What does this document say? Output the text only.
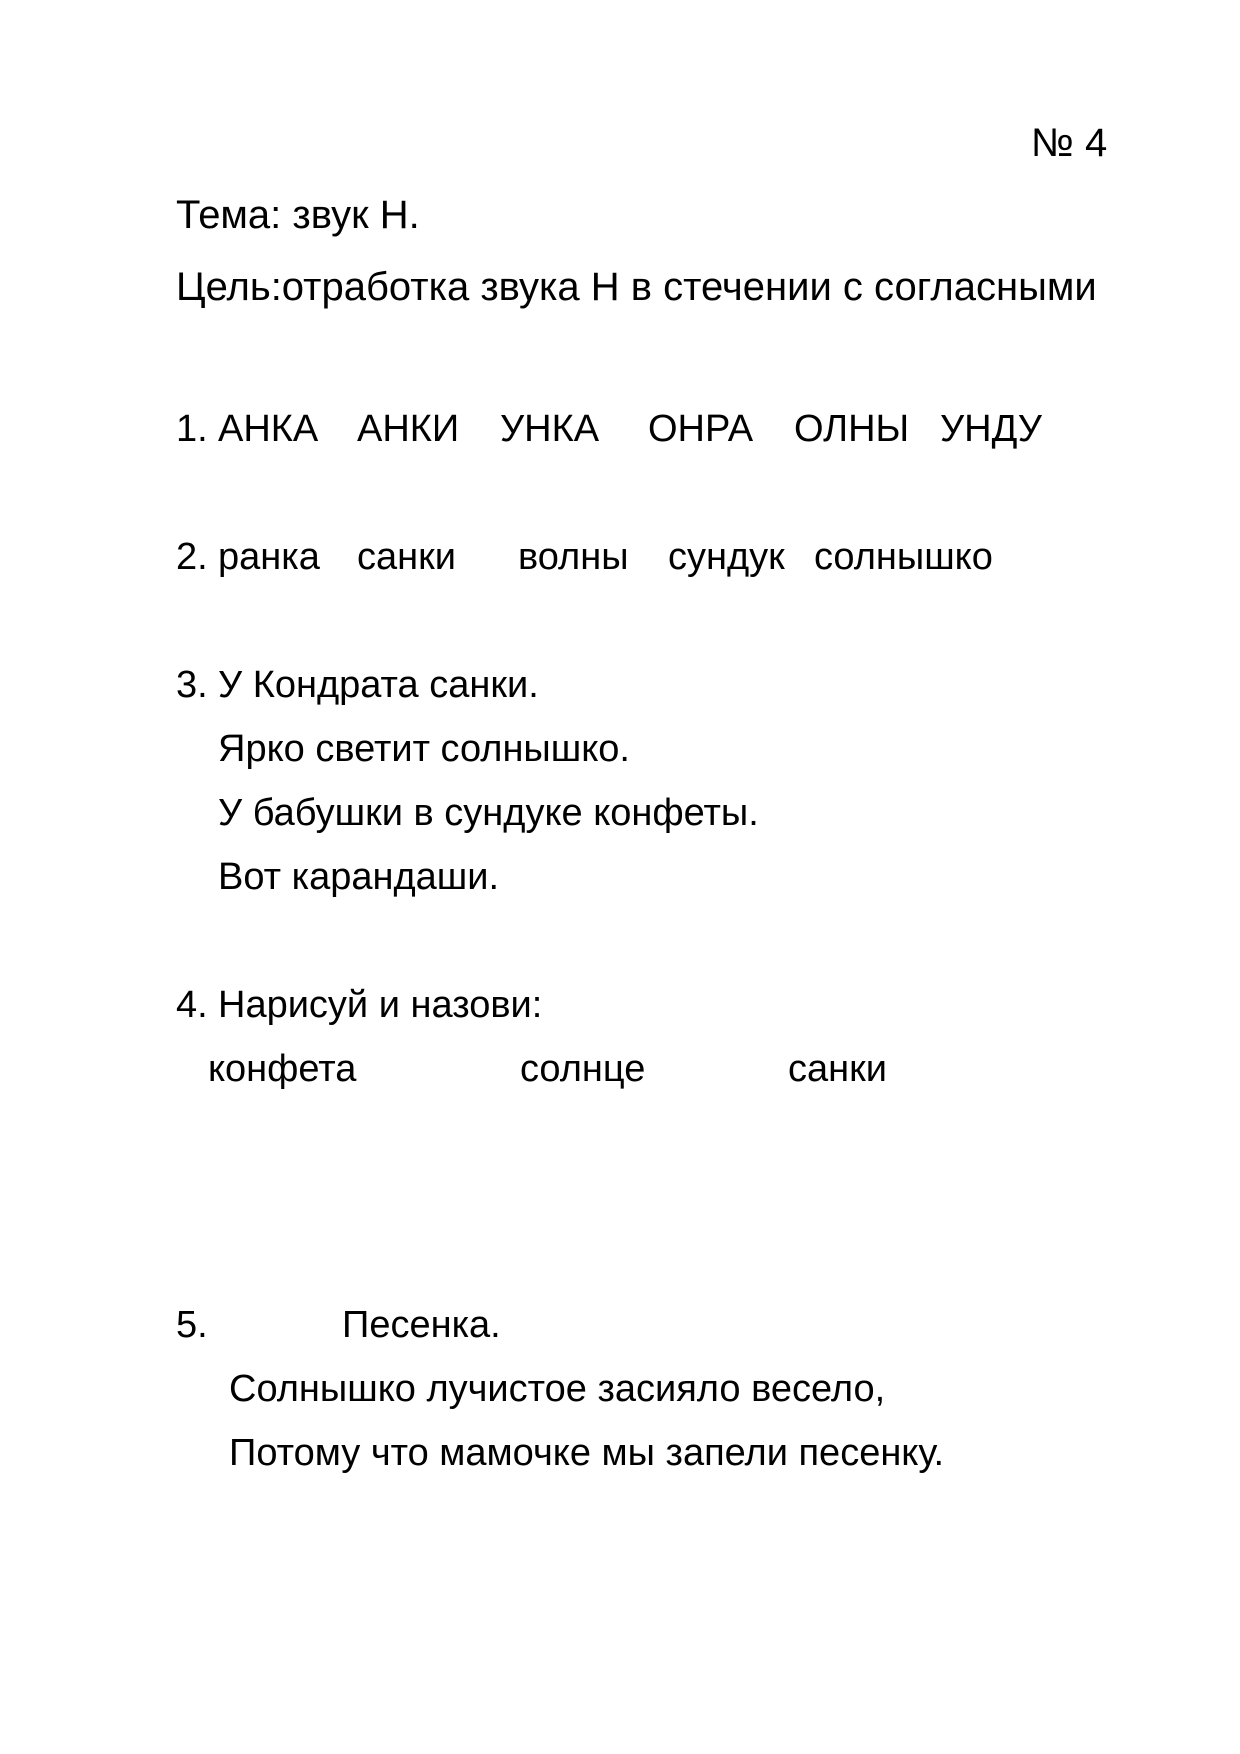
№ 4
Тема: звук Н.
Цель:отработка звука Н в стечении с согласными
1. АНКА АНКИ УНКА ОНРА ОЛНЫ УНДУ
2. ранка санки волны сундук солнышко
3. У Кондрата санки.
Ярко светит солнышко.
У бабушки в сундуке конфеты.
Вот карандаши.
4. Нарисуй и назови:
конфета	солнце	санки
5.	Песенка.
Солнышко лучистое засияло весело,
Потому что мамочке мы запели песенку.
